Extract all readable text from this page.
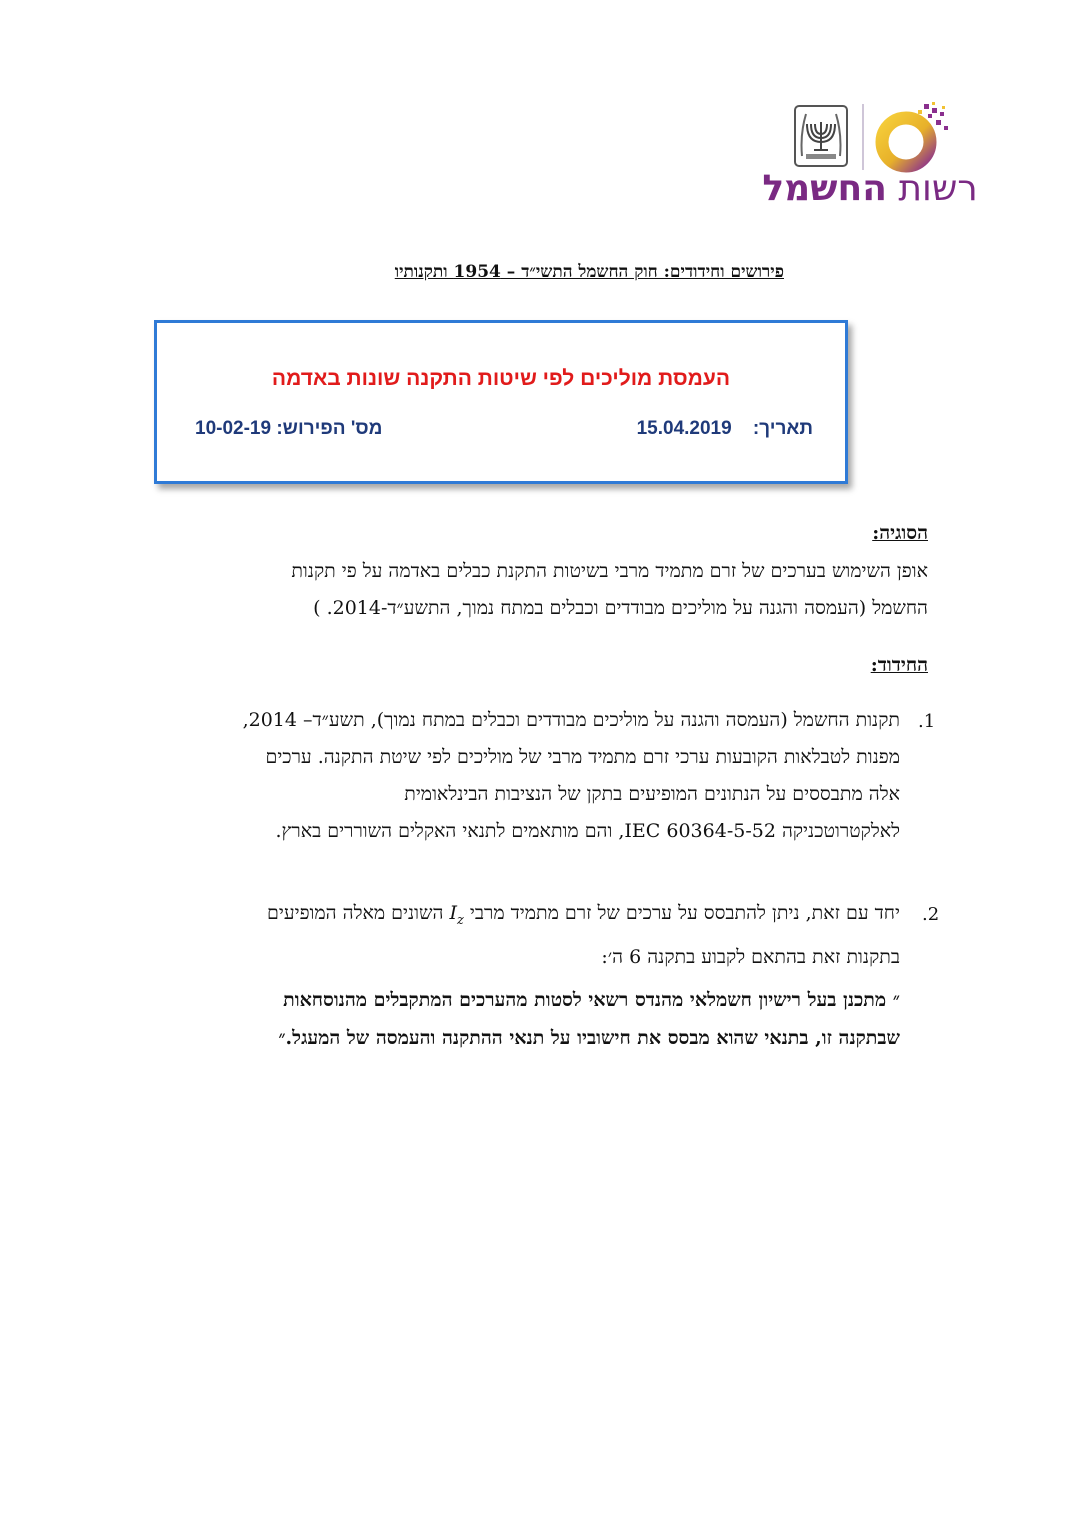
רשות החשמל
פירושים וחידודים: חוק החשמל התשי״ד – 1954 ותקנותיו
העמסת מוליכים לפי שיטות התקנה שונות באדמה
תאריך:    15.04.2019
מס' הפירוש: 10-02-19
הסוגיה:
אופן השימוש בערכים של זרם מתמיד מרבי בשיטות התקנת כבלים באדמה על פי תקנות
החשמל (העמסה והגנה על מוליכים מבודדים וכבלים במתח נמוך, התשע״ד-2014. )
החידוד:
.1
תקנות החשמל (העמסה והגנה על מוליכים מבודדים וכבלים במתח נמוך), תשע״ד– 2014,
מפנות לטבלאות הקובעות ערכי זרם מתמיד מרבי של מוליכים לפי שיטת התקנה. ערכים
אלה מתבססים על הנתונים המופיעים בתקן של הנציבות הבינלאומית
לאלקטרוטכניקה IEC 60364-5-52, והם מותאמים לתנאי האקלים השוררים בארץ.
.2
יחד עם זאת, ניתן להתבסס על ערכים של זרם מתמיד מרבי $I_z$ השונים מאלה המופיעים
בתקנות זאת בהתאם לקבוע בתקנה 6 ה׳:
״ מתכנן בעל רישיון חשמלאי מהנדס רשאי לסטות מהערכים המתקבלים מהנוסחאות
שבתקנה זו, בתנאי שהוא מבסס את חישוביו על תנאי ההתקנה והעמסה של המעגל.״
